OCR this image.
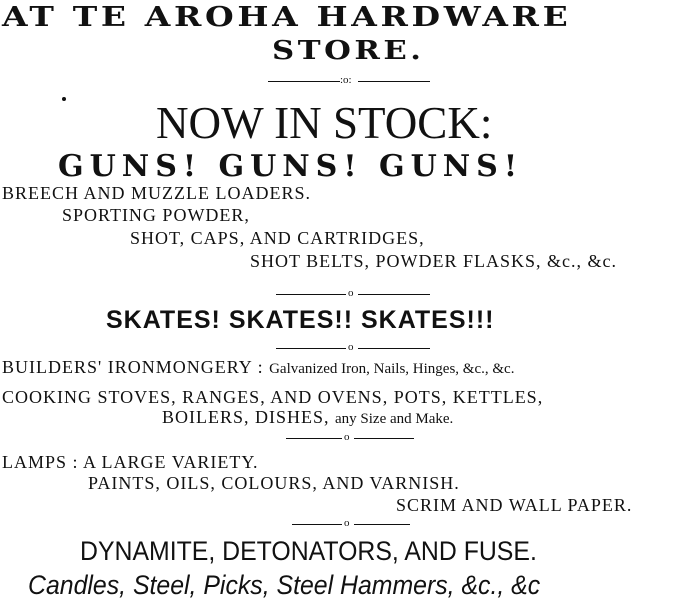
AT TE AROHA HARDWARE
STORE.
:o:
NOW IN STOCK:
GUNS! GUNS! GUNS!
BREECH AND MUZZLE LOADERS.
SPORTING POWDER,
SHOT, CAPS, AND CARTRIDGES,
SHOT BELTS, POWDER FLASKS, &c., &c.
o
SKATES! SKATES!! SKATES!!!
o
BUILDERS' IRONMONGERY : Galvanized Iron, Nails, Hinges, &c., &c.
COOKING STOVES, RANGES, AND OVENS, POTS, KETTLES,
BOILERS, DISHES, any Size and Make.
o
LAMPS : A LARGE VARIETY.
PAINTS, OILS, COLOURS, AND VARNISH.
SCRIM AND WALL PAPER.
o
DYNAMITE, DETONATORS, AND FUSE.
Candles, Steel, Picks, Steel Hammers, &c., &c
